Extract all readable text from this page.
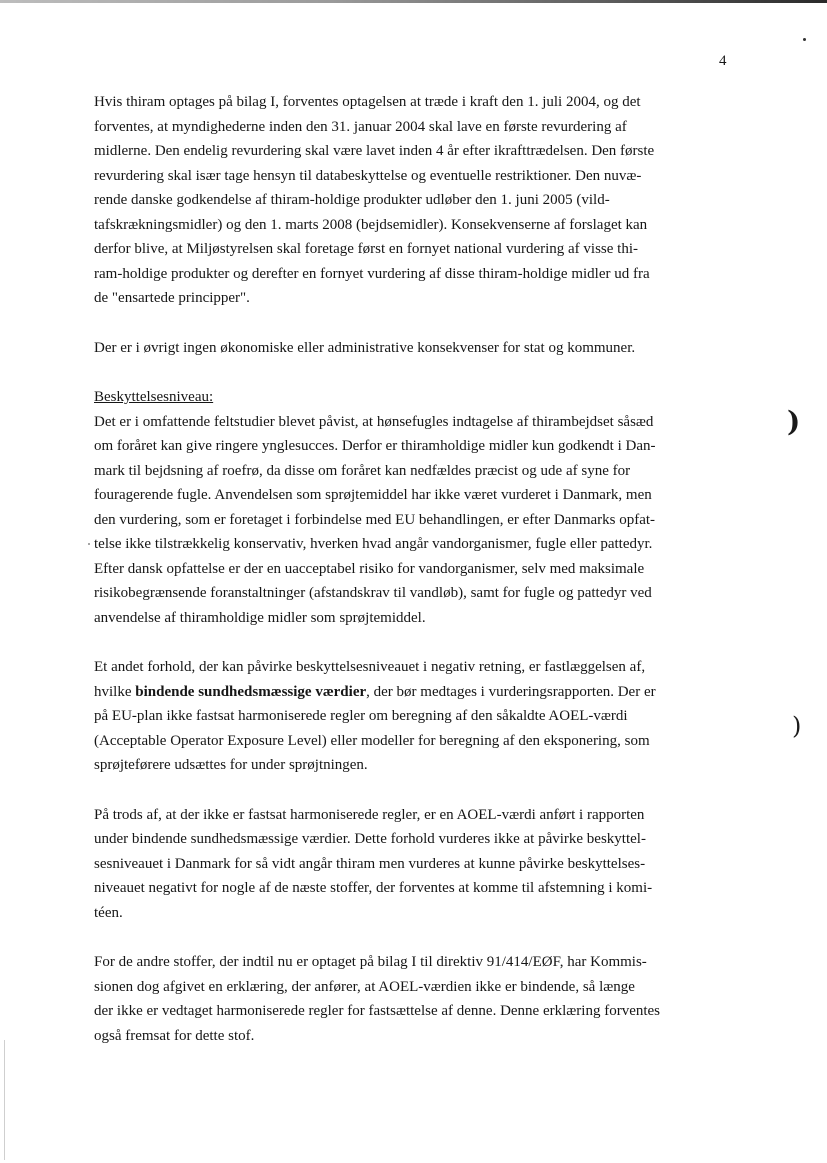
4
Hvis thiram optages på bilag I, forventes optagelsen at træde i kraft den 1. juli 2004, og det
forventes, at myndighederne inden den 31. januar 2004 skal lave en første revurdering af
midlerne. Den endelig revurdering skal være lavet inden 4 år efter ikrafttrædelsen. Den første
revurdering skal især tage hensyn til databeskyttelse og eventuelle restriktioner. Den nuvæ-
rende danske godkendelse af thiram-holdige produkter udløber den 1. juni 2005 (vild-
tafskrækningsmidler) og den 1. marts 2008 (bejdsemidler). Konsekvenserne af forslaget kan
derfor blive, at Miljøstyrelsen skal foretage først en fornyet national vurdering af visse thi-
ram-holdige produkter og derefter en fornyet vurdering af disse thiram-holdige midler ud fra
de "ensartede principper".
Der er i øvrigt ingen økonomiske eller administrative konsekvenser for stat og kommuner.
Beskyttelsesniveau:
Det er i omfattende feltstudier blevet påvist, at hønsefugles indtagelse af thirambejdset såsæd
om foråret kan give ringere ynglesucces. Derfor er thiramholdige midler kun godkendt i Dan-
mark til bejdsning af roefrø, da disse om foråret kan nedfældes præcist og ude af syne for
fouragerende fugle. Anvendelsen som sprøjtemiddel har ikke været vurderet i Danmark, men
den vurdering, som er foretaget i forbindelse med EU behandlingen, er efter Danmarks opfat-
telse ikke tilstrækkelig konservativ, hverken hvad angår vandorganismer, fugle eller pattedyr.
Efter dansk opfattelse er der en uacceptabel risiko for vandorganismer, selv med maksimale
risikobegrænsende foranstaltninger (afstandskrav til vandløb), samt for fugle og pattedyr ved
anvendelse af thiramholdige midler som sprøjtemiddel.
Et andet forhold, der kan påvirke beskyttelsesniveauet i negativ retning, er fastlæggelsen af,
hvilke bindende sundhedsmæssige værdier, der bør medtages i vurderingsrapporten. Der er
på EU-plan ikke fastsat harmoniserede regler om beregning af den såkaldte AOEL-værdi
(Acceptable Operator Exposure Level) eller modeller for beregning af den eksponering, som
sprøjteførere udsættes for under sprøjtningen.
På trods af, at der ikke er fastsat harmoniserede regler, er en AOEL-værdi anført i rapporten
under bindende sundhedsmæssige værdier. Dette forhold vurderes ikke at påvirke beskyttel-
sesniveauet i Danmark for så vidt angår thiram men vurderes at kunne påvirke beskyttelses-
niveauet negativt for nogle af de næste stoffer, der forventes at komme til afstemning i komi-
téen.
For de andre stoffer, der indtil nu er optaget på bilag I til direktiv 91/414/EØF, har Kommis-
sionen dog afgivet en erklæring, der anfører, at AOEL-værdien ikke er bindende, så længe
der ikke er vedtaget harmoniserede regler for fastsættelse af denne. Denne erklæring forventes
også fremsat for dette stof.
)
)
